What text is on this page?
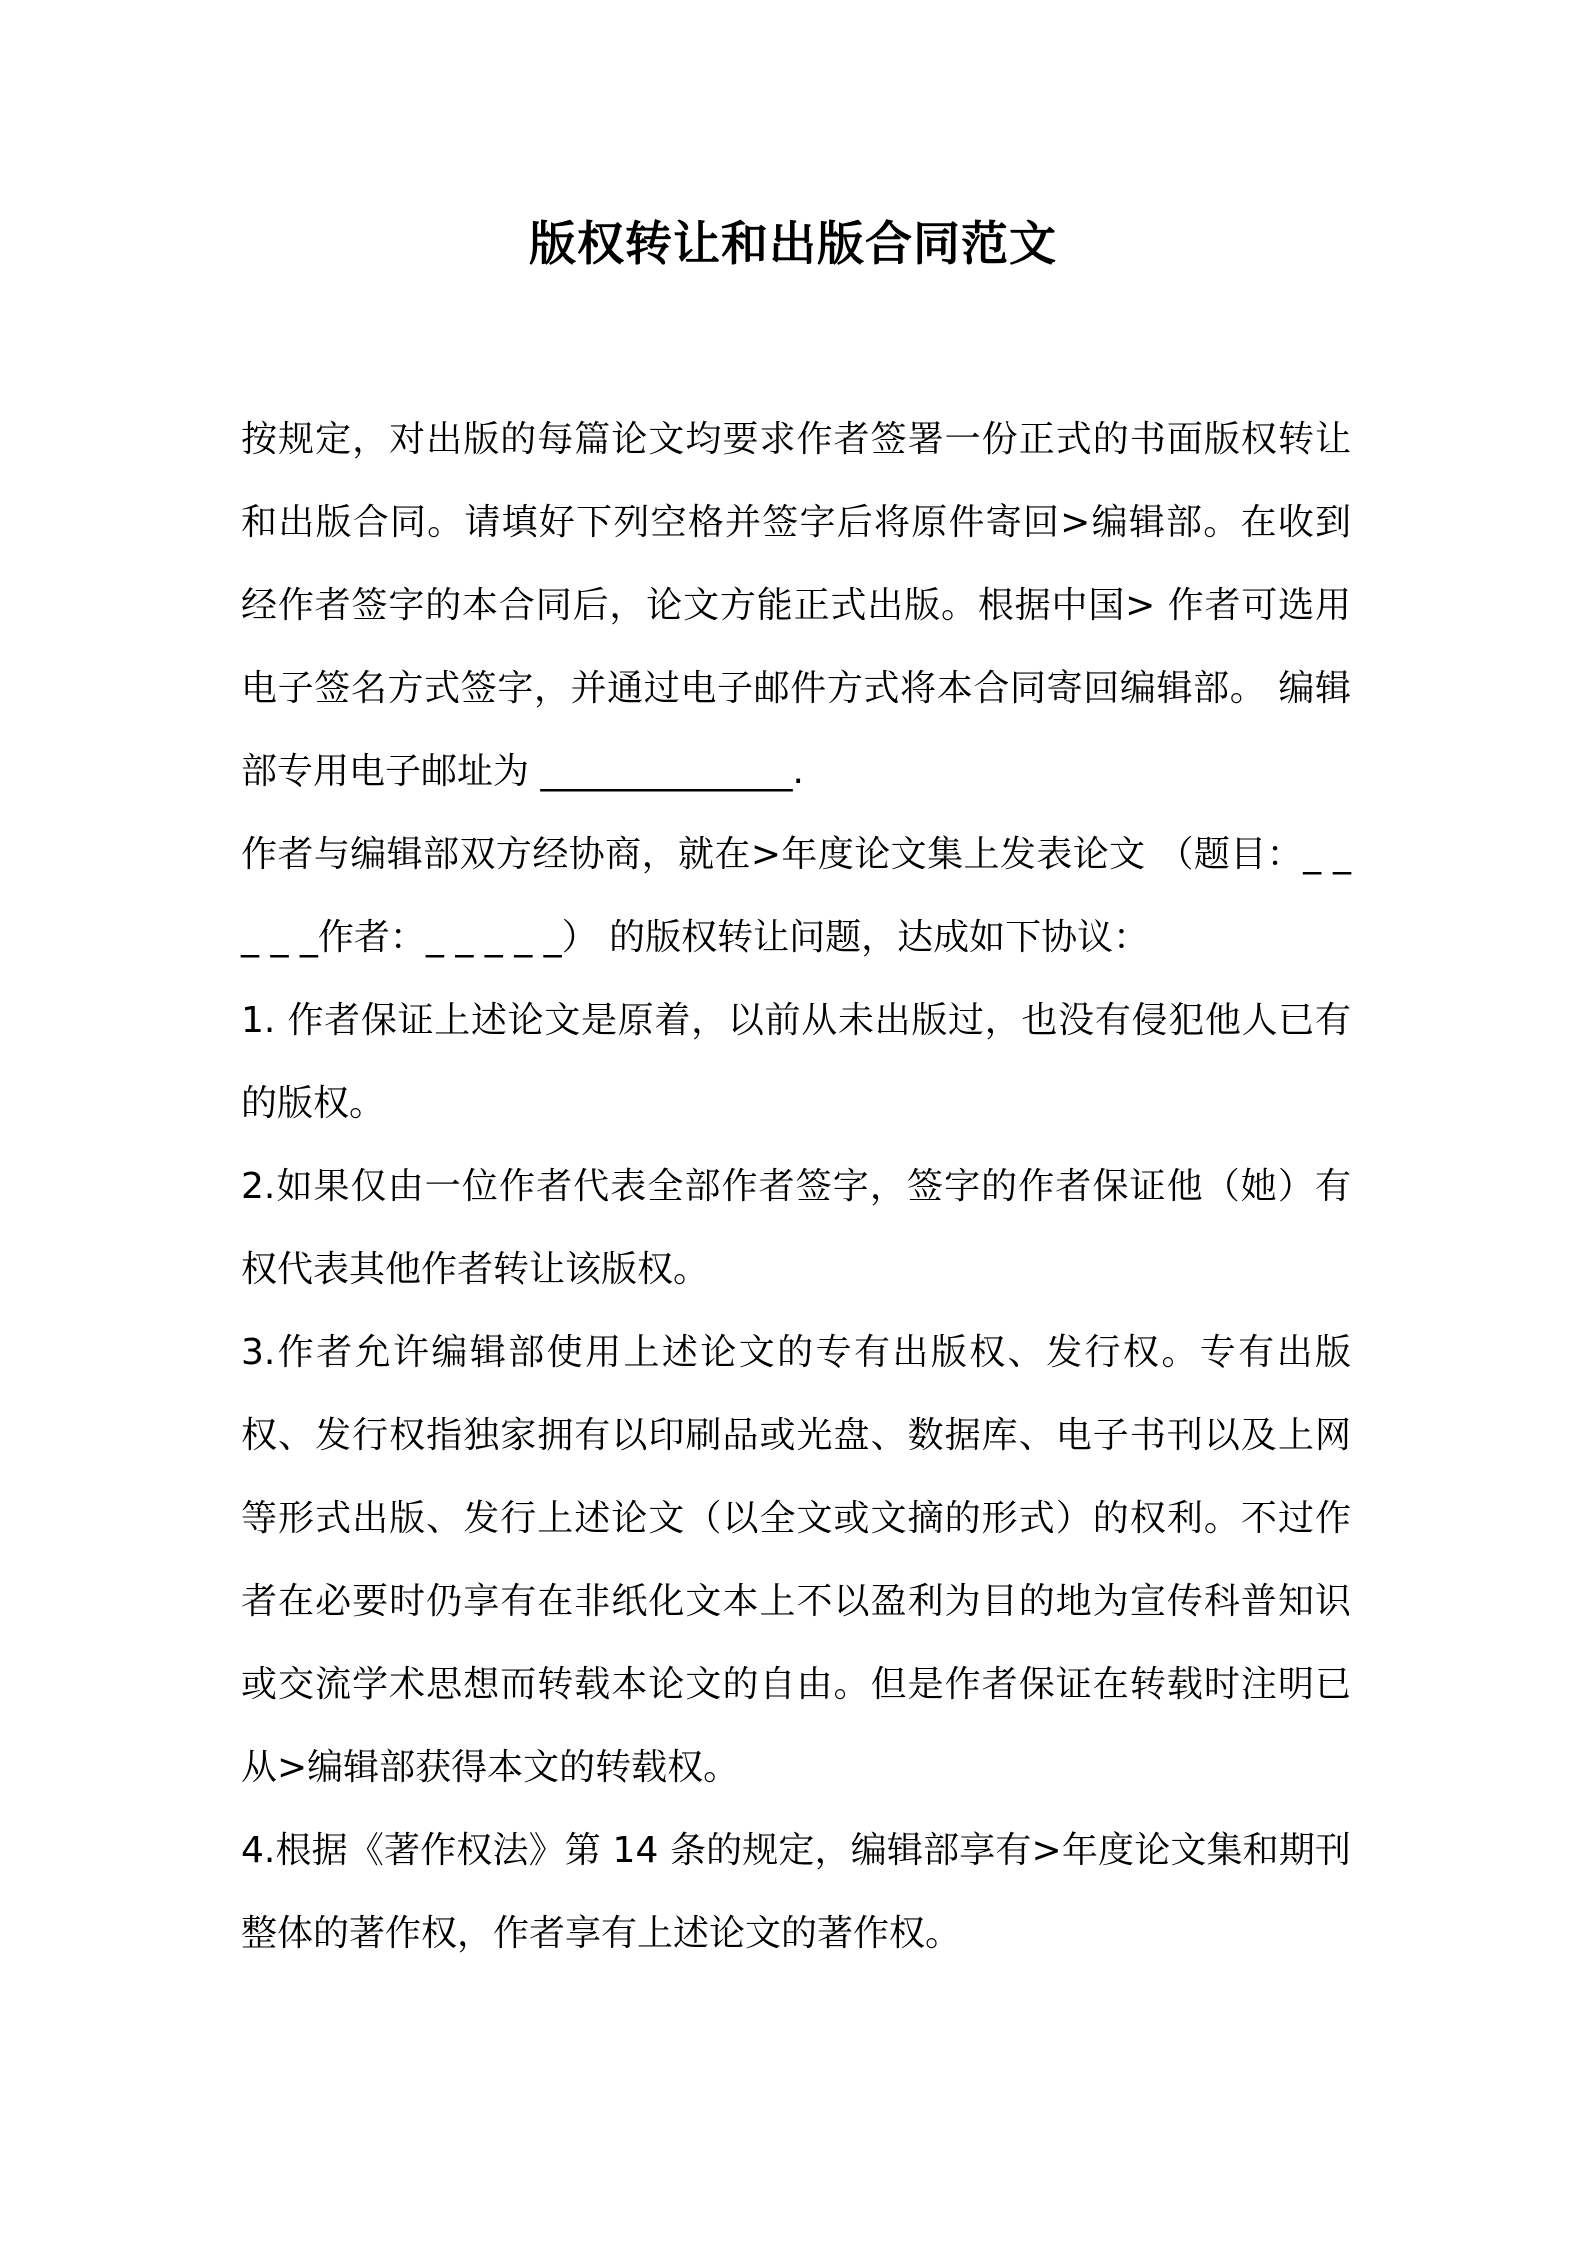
版权转让和出版合同范文

按规定，对出版的每篇论文均要求作者签署一份正式的书面版权转让和出版合同。请填好下列空格并签字后将原件寄回>编辑部。在收到经作者签字的本合同后，论文方能正式出版。根据中国> 作者可选用电子签名方式签字，并通过电子邮件方式将本合同寄回编辑部。 编辑部专用电子邮址为 ______________.

作者与编辑部双方经协商，就在>年度论文集上发表论文 （题目：_ _ _ _ _作者：_ _ _ _ _） 的版权转让问题，达成如下协议：

1. 作者保证上述论文是原着，以前从未出版过，也没有侵犯他人已有的版权。

2.如果仅由一位作者代表全部作者签字，签字的作者保证他（她）有权代表其他作者转让该版权。

3.作者允许编辑部使用上述论文的专有出版权、发行权。专有出版权、发行权指独家拥有以印刷品或光盘、数据库、电子书刊以及上网等形式出版、发行上述论文（以全文或文摘的形式）的权利。不过作者在必要时仍享有在非纸化文本上不以盈利为目的地为宣传科普知识或交流学术思想而转载本论文的自由。但是作者保证在转载时注明已从>编辑部获得本文的转载权。

4.根据《著作权法》第 14 条的规定，编辑部享有>年度论文集和期刊整体的著作权，作者享有上述论文的著作权。
